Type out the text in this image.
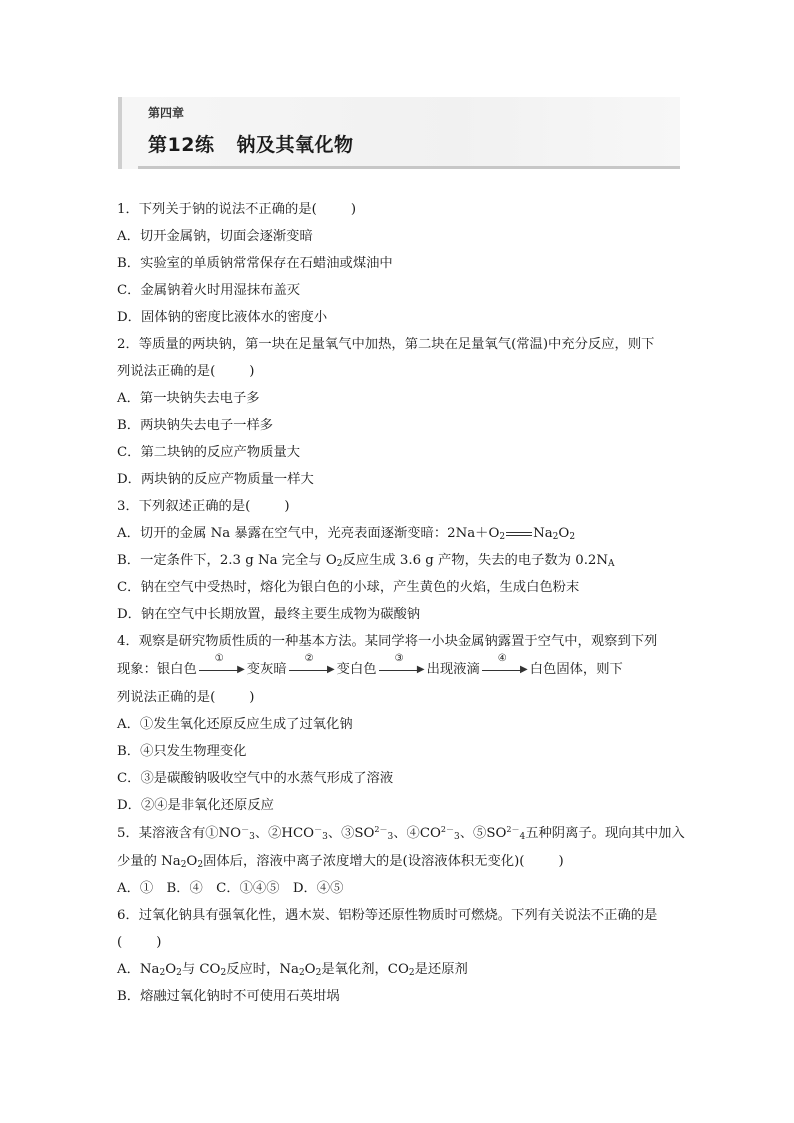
第四章
第12练 钠及其氧化物
1．下列关于钠的说法不正确的是(	)
A．切开金属钠，切面会逐渐变暗
B．实验室的单质钠常常保存在石蜡油或煤油中
C．金属钠着火时用湿抹布盖灭
D．固体钠的密度比液体水的密度小
2．等质量的两块钠，第一块在足量氧气中加热，第二块在足量氧气(常温)中充分反应，则下
列说法正确的是(	)
A．第一块钠失去电子多
B．两块钠失去电子一样多
C．第二块钠的反应产物质量大
D．两块钠的反应产物质量一样大
3．下列叙述正确的是(	)
A．切开的金属 Na 暴露在空气中，光亮表面逐渐变暗：$2Na+O_2$ $Na_2O_2$
B．一定条件下，2.3 g Na 完全与 $O_2$反应生成 3.6 g 产物，失去的电子数为 $0.2N_A$
C．钠在空气中受热时，熔化为银白色的小球，产生黄色的火焰，生成白色粉末
D．钠在空气中长期放置，最终主要生成物为碳酸钠
4．观察是研究物质性质的一种基本方法。某同学将一小块金属钠露置于空气中，观察到下列
现象：银白色	▶
①
变灰暗	▶
②
变白色	▶
③
出现液滴	▶
④
白色固体，则下
列说法正确的是(	)
A．①发生氧化还原反应生成了过氧化钠
B．④只发生物理变化
C．③是碳酸钠吸收空气中的水蒸气形成了溶液
D．②④是非氧化还原反应
5．某溶液含有$①NO^-_3$、$②HCO^-_3$、$③SO^{2-}_3$、$④CO^{2-}_3$、$⑤SO^{2-}_4$五种阴离子。现向其中加入
少量的 $Na_2O_2$固体后，溶液中离子浓度增大的是(设溶液体积无变化)(	)
A．①　B．④　C．①④⑤　D．④⑤
6．过氧化钠具有强氧化性，遇木炭、铝粉等还原性物质时可燃烧。下列有关说法不正确的是
(	)
A．$Na_2O_2$与 $CO_2$反应时，$Na_2O_2$是氧化剂，$CO_2$是还原剂
B．熔融过氧化钠时不可使用石英坩埚
